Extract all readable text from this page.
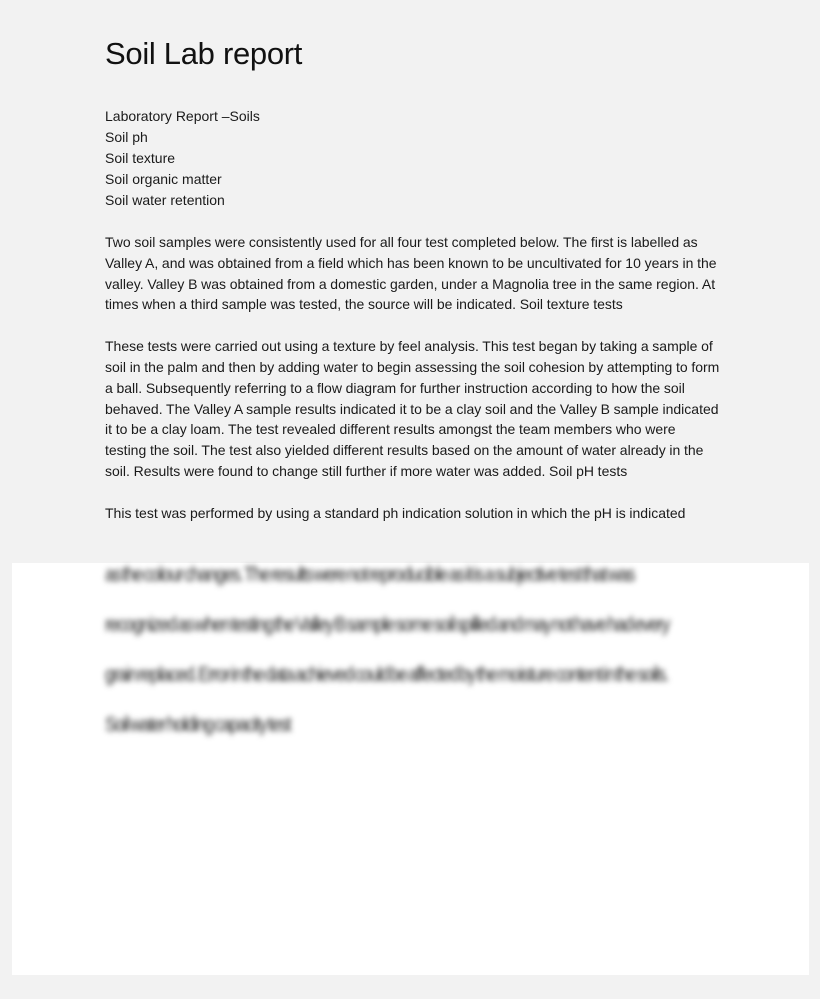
Soil Lab report
Laboratory Report –Soils
Soil ph
Soil texture
Soil organic matter
Soil water retention

Two soil samples were consistently used for all four test completed below. The first is labelled as Valley A, and was obtained from a field which has been known to be uncultivated for 10 years in the valley. Valley B was obtained from a domestic garden, under a Magnolia tree in the same region. At times when a third sample was tested, the source will be indicated. Soil texture tests

These tests were carried out using a texture by feel analysis. This test began by taking a sample of soil in the palm and then by adding water to begin assessing the soil cohesion by attempting to form a ball. Subsequently referring to a flow diagram for further instruction according to how the soil behaved. The Valley A sample results indicated it to be a clay soil and the Valley B sample indicated it to be a clay loam. The test revealed different results amongst the team members who were testing the soil. The test also yielded different results based on the amount of water already in the soil. Results were found to change still further if more water was added. Soil pH tests

This test was performed by using a standard ph indication solution in which the pH is indicated

as the colour changes. The results were not reproducible as it is a subjective test that was
recognized as when testing the Valley B sample some soil spilled and may not have had every
grain replaced. Error in the data achieved could be affected by the moisture content in the soils.
Soil water holding capacity test
